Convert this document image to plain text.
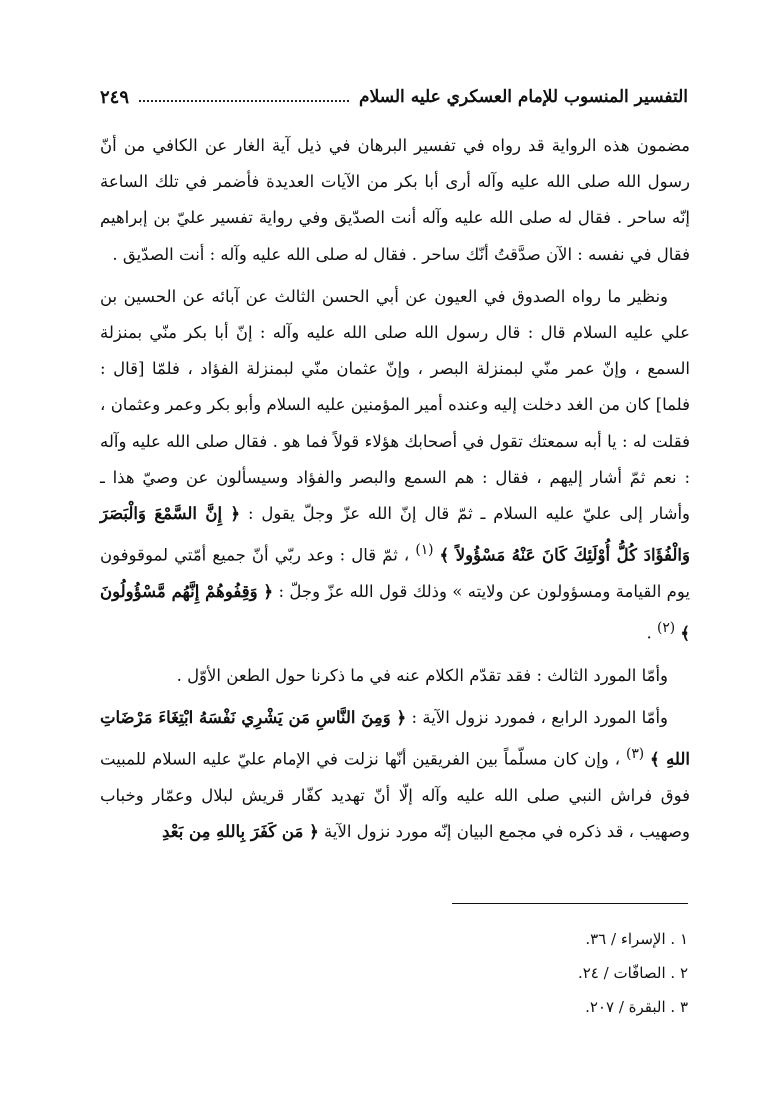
التفسير المنسوب للإمام العسكري عليه السلام
٢٤٩

مضمون هذه الرواية قد رواه في تفسير البرهان في ذيل آية الغار عن الكافي من أنّ رسول الله صلى الله عليه وآله أرى أبا بكر من الآيات العديدة فأضمر في تلك الساعة إنّه ساحر . فقال له صلى الله عليه وآله أنت الصدّيق وفي رواية تفسير عليّ بن إبراهيم فقال في نفسه : الآن صدَّقتُ أنّك ساحر . فقال له صلى الله عليه وآله : أنت الصدّيق .

ونظير ما رواه الصدوق في العيون عن أبي الحسن الثالث عن آبائه عن الحسين بن علي عليه السلام قال : قال رسول الله صلى الله عليه وآله : إنّ أبا بكر منّي بمنزلة السمع ، وإنّ عمر منّي لبمنزلة البصر ، وإنّ عثمان منّي لبمنزلة الفؤاد ، فلمّا [قال : فلما] كان من الغد دخلت إليه وعنده أمير المؤمنين عليه السلام وأبو بكر وعمر وعثمان ، فقلت له : يا أبه سمعتك تقول في أصحابك هؤلاء قولاً فما هو . فقال صلى الله عليه وآله : نعم ثمّ أشار إليهم ، فقال : هم السمع والبصر والفؤاد وسيسألون عن وصيّ هذا ـ وأشار إلى عليّ عليه السلام ـ ثمّ قال إنّ الله عزّ وجلّ يقول : ﴿ إِنَّ السَّمْعَ وَالْبَصَرَ وَالْفُؤَادَ كُلُّ أُوْلَئِكَ كَانَ عَنْهُ مَسْؤُولاً ﴾ $^{(١)}$ ، ثمّ قال : وعد ربّي أنّ جميع أمّتي لموقوفون يوم القيامة ومسؤولون عن ولايته » وذلك قول الله عزّ وجلّ : ﴿ وَقِفُوهُمْ إِنَّهُم مَّسْؤُولُونَ ﴾ $^{(٢)}$ .

وأمّا المورد الثالث : فقد تقدّم الكلام عنه في ما ذكرنا حول الطعن الأوّل .

وأمّا المورد الرابع ، فمورد نزول الآية : ﴿ وَمِنَ النَّاسِ مَن يَشْرِي نَفْسَهُ ابْتِغَاءَ مَرْضَاتِ اللهِ ﴾ $^{(٣)}$ ، وإن كان مسلّماً بين الفريقين أنّها نزلت في الإمام عليّ عليه السلام للمبيت فوق فراش النبي صلى الله عليه وآله إلّا أنّ تهديد كفّار قريش لبلال وعمّار وخباب وصهيب ، قد ذكره في مجمع البيان إنّه مورد نزول الآية ﴿ مَن كَفَرَ بِاللهِ مِن بَعْدِ

١ . الإسراء / ٣٦.
٢ . الصافّات / ٢٤.
٣ . البقرة / ٢٠٧.
